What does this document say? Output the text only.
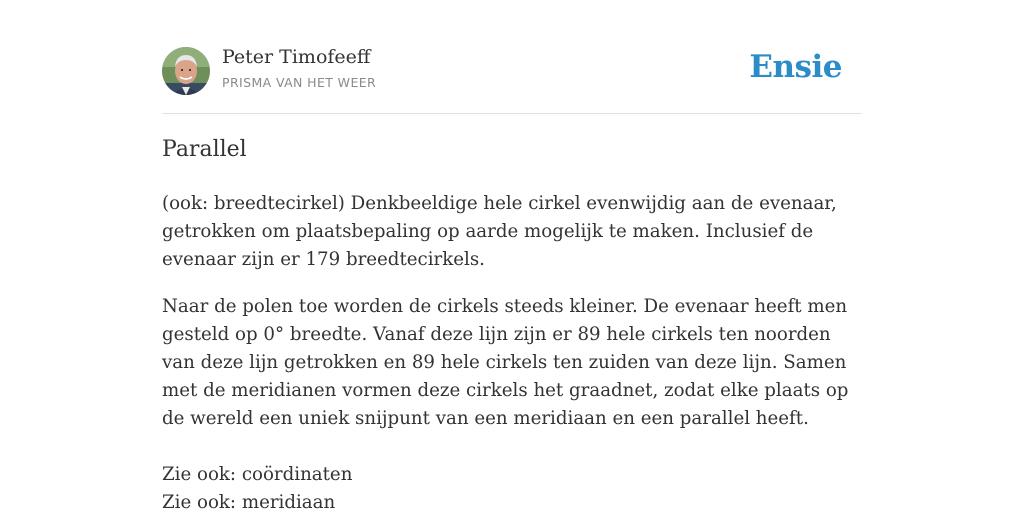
Peter Timofeeff
PRISMA VAN HET WEER	Ensie
Parallel

(ook: breedtecirkel) Denkbeeldige hele cirkel evenwijdig aan de evenaar, getrokken om plaatsbepaling op aarde mogelijk te maken. Inclusief de evenaar zijn er 179 breedtecirkels.

Naar de polen toe worden de cirkels steeds kleiner. De evenaar heeft men gesteld op 0° breedte. Vanaf deze lijn zijn er 89 hele cirkels ten noorden van deze lijn getrokken en 89 hele cirkels ten zuiden van deze lijn. Samen met de meridianen vormen deze cirkels het graadnet, zodat elke plaats op de wereld een uniek snijpunt van een meridiaan en een parallel heeft.

Zie ook: coördinaten
Zie ook: meridiaan
